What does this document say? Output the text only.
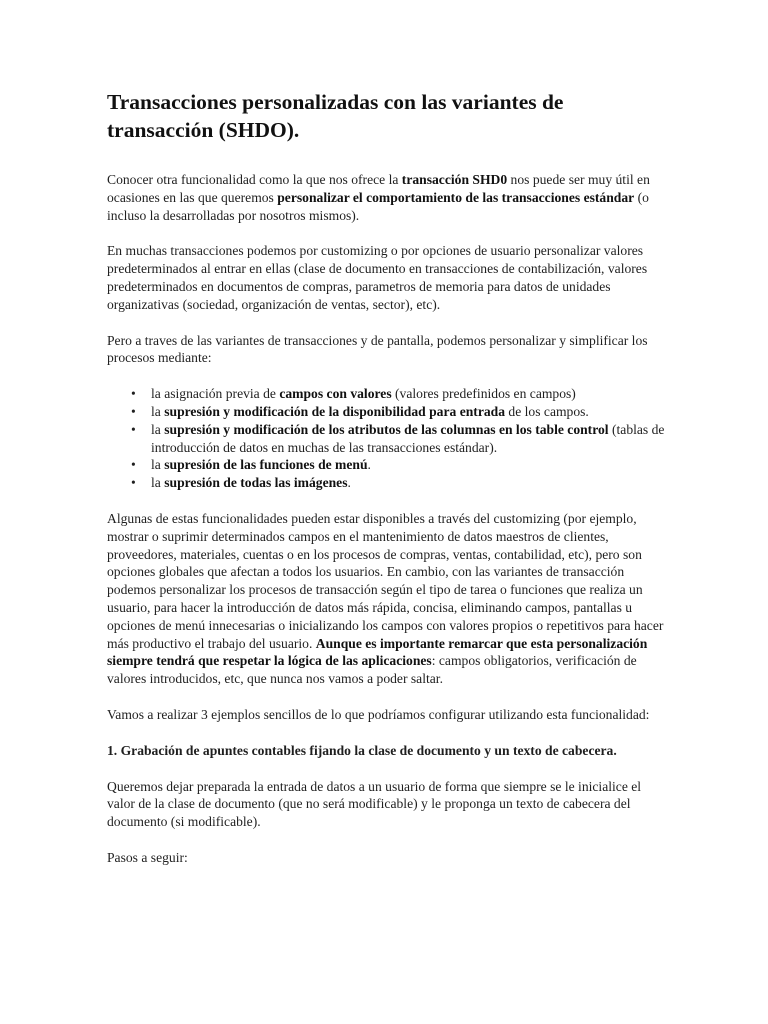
Transacciones personalizadas con las variantes de transacción (SHDO).

Conocer otra funcionalidad como la que nos ofrece la transacción SHD0 nos puede ser muy útil en ocasiones en las que queremos personalizar el comportamiento de las transacciones estándar (o incluso la desarrolladas por nosotros mismos).

En muchas transacciones podemos por customizing o por opciones de usuario personalizar valores predeterminados al entrar en ellas (clase de documento en transacciones de contabilización, valores predeterminados en documentos de compras, parametros de memoria para datos de unidades organizativas (sociedad, organización de ventas, sector), etc).

Pero a traves de las variantes de transacciones y de pantalla, podemos personalizar y simplificar los procesos mediante:

• la asignación previa de campos con valores (valores predefinidos en campos)
• la supresión y modificación de la disponibilidad para entrada de los campos.
• la supresión y modificación de los atributos de las columnas en los table control (tablas de introducción de datos en muchas de las transacciones estándar).
• la supresión de las funciones de menú.
• la supresión de todas las imágenes.

Algunas de estas funcionalidades pueden estar disponibles a través del customizing (por ejemplo, mostrar o suprimir determinados campos en el mantenimiento de datos maestros de clientes, proveedores, materiales, cuentas o en los procesos de compras, ventas, contabilidad, etc), pero son opciones globales que afectan a todos los usuarios. En cambio, con las variantes de transacción podemos personalizar los procesos de transacción según el tipo de tarea o funciones que realiza un usuario, para hacer la introducción de datos más rápida, concisa, eliminando campos, pantallas u opciones de menú innecesarias o inicializando los campos con valores propios o repetitivos para hacer más productivo el trabajo del usuario. Aunque es importante remarcar que esta personalización siempre tendrá que respetar la lógica de las aplicaciones: campos obligatorios, verificación de valores introducidos, etc, que nunca nos vamos a poder saltar.

Vamos a realizar 3 ejemplos sencillos de lo que podríamos configurar utilizando esta funcionalidad:

1. Grabación de apuntes contables fijando la clase de documento y un texto de cabecera.

Queremos dejar preparada la entrada de datos a un usuario de forma que siempre se le inicialice el valor de la clase de documento (que no será modificable) y le proponga un texto de cabecera del documento (si modificable).

Pasos a seguir:
